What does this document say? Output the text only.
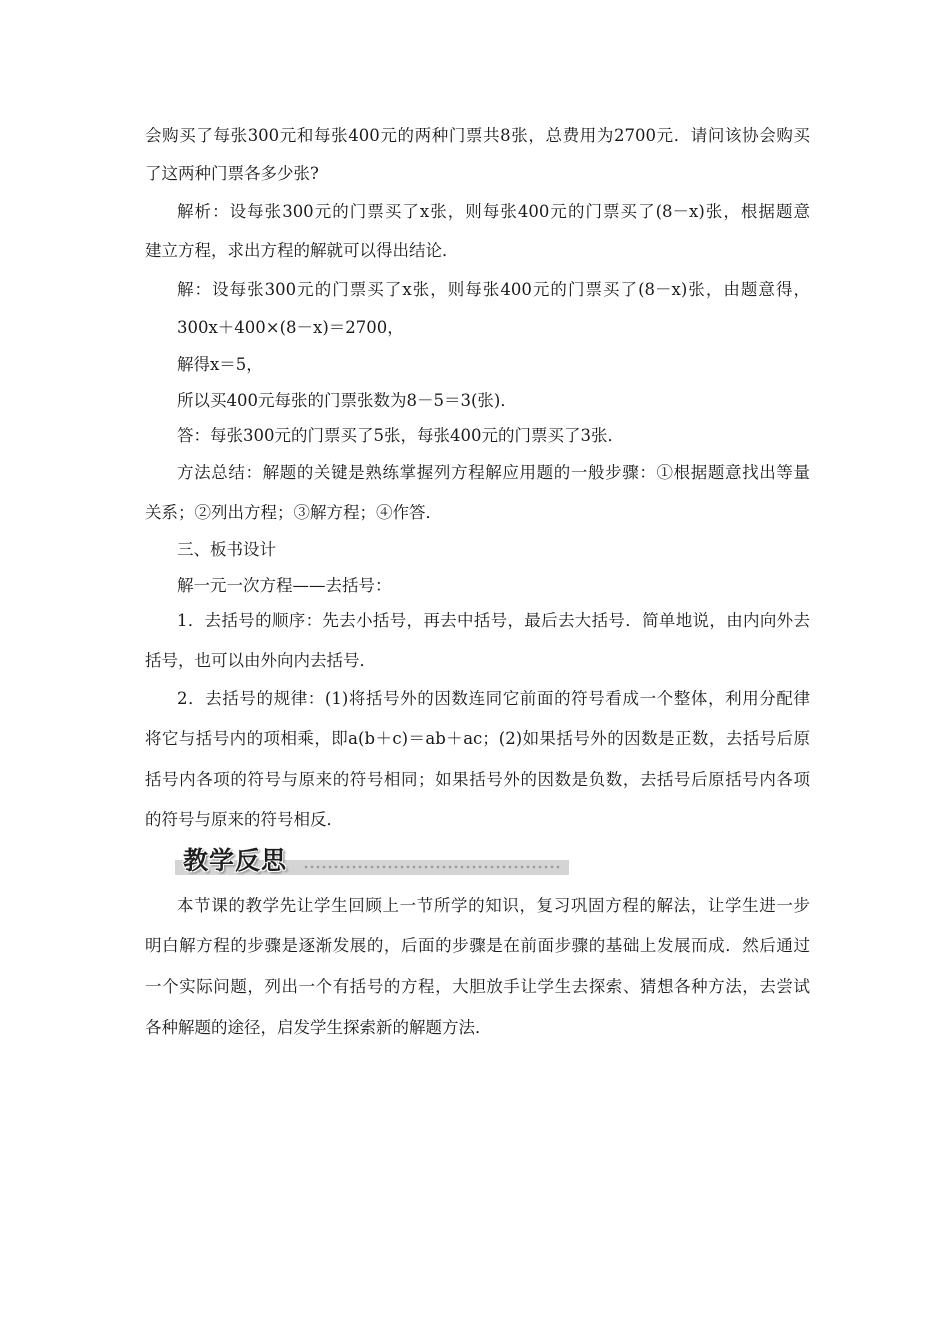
会购买了每张300元和每张400元的两种门票共8张，总费用为2700元．请问该协会购买
了这两种门票各多少张?
解析：设每张300元的门票买了x张，则每张400元的门票买了(8－x)张，根据题意
建立方程，求出方程的解就可以得出结论．
解：设每张300元的门票买了x张，则每张400元的门票买了(8－x)张，由题意得，
300x＋400×(8－x)＝2700，
解得x＝5，
所以买400元每张的门票张数为8－5＝3(张)．
答：每张300元的门票买了5张，每张400元的门票买了3张．
方法总结：解题的关键是熟练掌握列方程解应用题的一般步骤：①根据题意找出等量
关系；②列出方程；③解方程；④作答．
三、板书设计
解一元一次方程——去括号：
1．去括号的顺序：先去小括号，再去中括号，最后去大括号．简单地说，由内向外去
括号，也可以由外向内去括号．
2．去括号的规律：(1)将括号外的因数连同它前面的符号看成一个整体，利用分配律
将它与括号内的项相乘，即a(b＋c)＝ab＋ac；(2)如果括号外的因数是正数，去括号后原
括号内各项的符号与原来的符号相同；如果括号外的因数是负数，去括号后原括号内各项
的符号与原来的符号相反．
教学反思
本节课的教学先让学生回顾上一节所学的知识，复习巩固方程的解法，让学生进一步
明白解方程的步骤是逐渐发展的，后面的步骤是在前面步骤的基础上发展而成．然后通过
一个实际问题，列出一个有括号的方程，大胆放手让学生去探索、猜想各种方法，去尝试
各种解题的途径，启发学生探索新的解题方法．
